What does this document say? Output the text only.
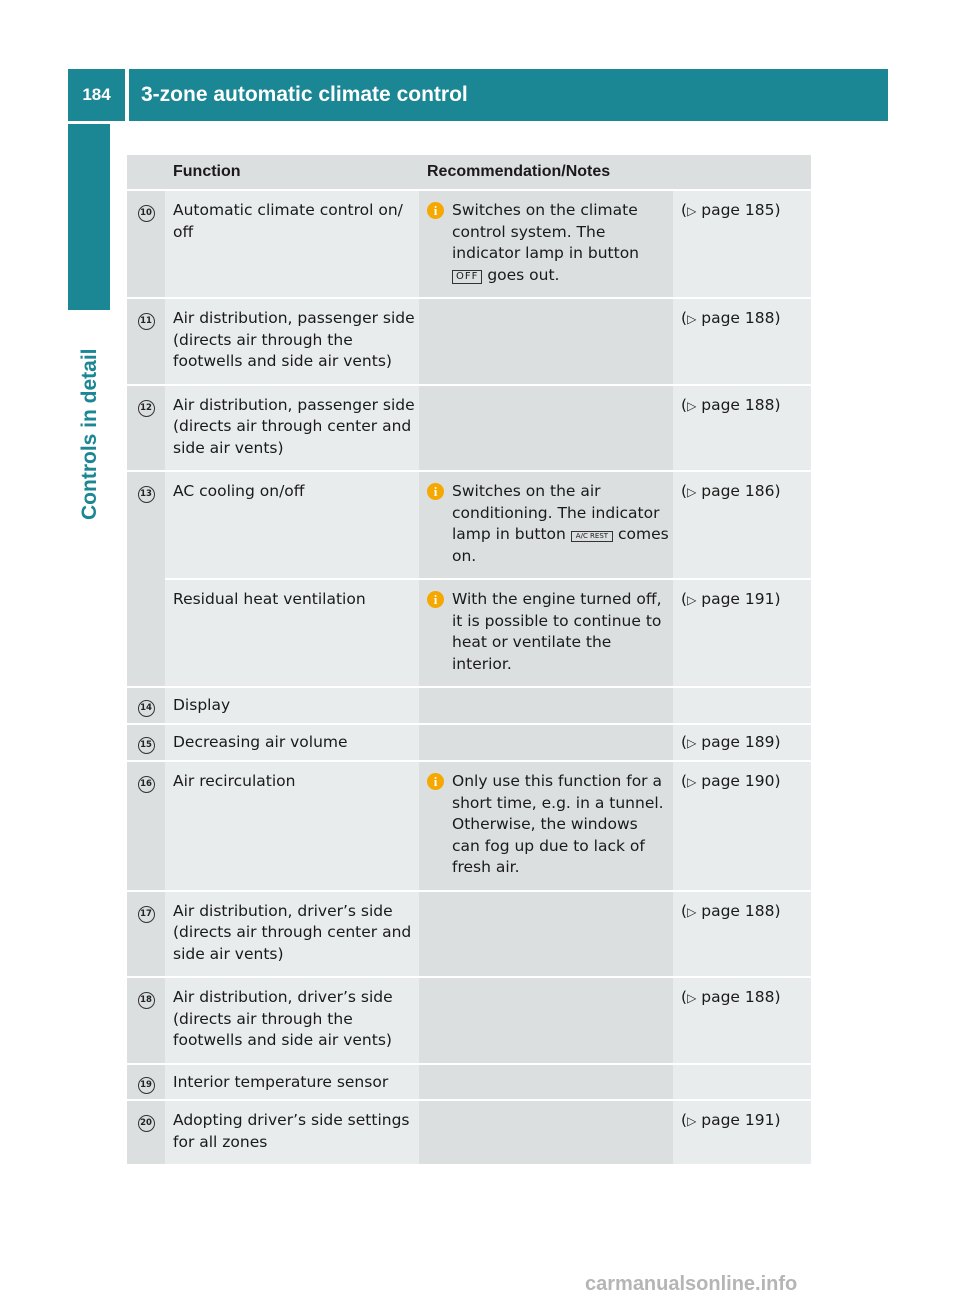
184	3-zone automatic climate control
Controls in detail
	Function	Recommendation/Notes	
10	Automatic climate control on/ off	i Switches on the climate control system. The indicator lamp in button OFF goes out.	(▷ page 185)
11	Air distribution, passenger side (directs air through the footwells and side air vents)		(▷ page 188)
12	Air distribution, passenger side (directs air through center and side air vents)		(▷ page 188)
13	AC cooling on/off	i Switches on the air conditioning. The indicator lamp in button A/C REST comes on.	(▷ page 186)
	Residual heat ventilation	i With the engine turned off, it is possible to continue to heat or ventilate the interior.	(▷ page 191)
14	Display		
15	Decreasing air volume		(▷ page 189)
16	Air recirculation	i Only use this function for a short time, e.g. in a tunnel. Otherwise, the windows can fog up due to lack of fresh air.	(▷ page 190)
17	Air distribution, driver’s side (directs air through center and side air vents)		(▷ page 188)
18	Air distribution, driver’s side (directs air through the footwells and side air vents)		(▷ page 188)
19	Interior temperature sensor		
20	Adopting driver’s side settings for all zones		(▷ page 191)
carmanualsonline.info
